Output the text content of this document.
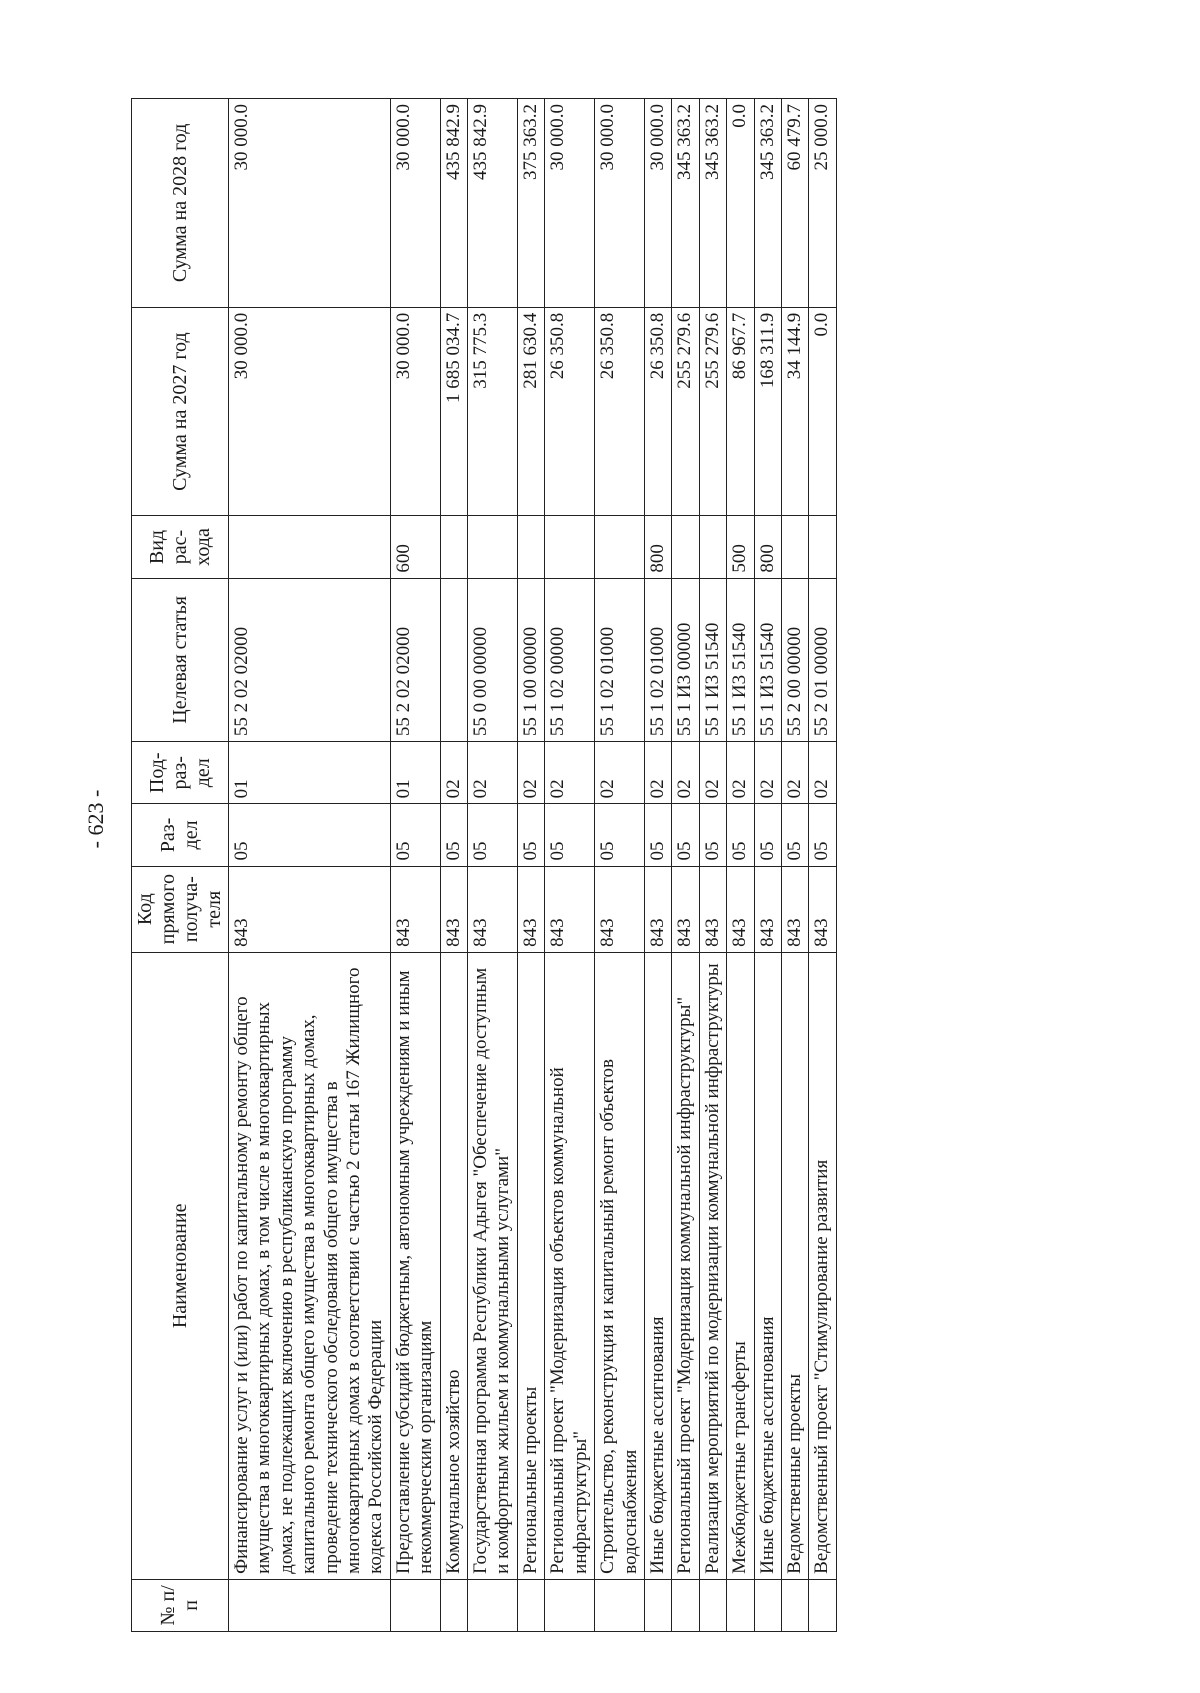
- 623 -
№ п/п	Наименование	Код прямого получа-теля	Раз-дел	Под-раз-дел	Целевая статья	Вид рас-хода	Сумма на 2027 год	Сумма на 2028 год
	Финансирование услуг и (или) работ по капитальному ремонту общего имущества в многоквартирных домах, в том числе в многоквартирных домах, не подлежащих включению в республиканскую программу капитального ремонта общего имущества в многоквартирных домах, проведение технического обследования общего имущества в многоквартирных домах в соответствии с частью 2 статьи 167 Жилищного кодекса Российской Федерации	843	05	01	55 2 02 02000		30 000.0	30 000.0
	Предоставление субсидий бюджетным, автономным учреждениям и иным некоммерческим организациям	843	05	01	55 2 02 02000	600	30 000.0	30 000.0
	Коммунальное хозяйство	843	05	02			1 685 034.7	435 842.9
	Государственная программа Республики Адыгея "Обеспечение доступным и комфортным жильем и коммунальными услугами"	843	05	02	55 0 00 00000		315 775.3	435 842.9
	Региональные проекты	843	05	02	55 1 00 00000		281 630.4	375 363.2
	Региональный проект "Модернизация объектов коммунальной инфраструктуры"	843	05	02	55 1 02 00000		26 350.8	30 000.0
	Строительство, реконструкция и капитальный ремонт объектов водоснабжения	843	05	02	55 1 02 01000		26 350.8	30 000.0
	Иные бюджетные ассигнования	843	05	02	55 1 02 01000	800	26 350.8	30 000.0
	Региональный проект "Модернизация коммунальной инфраструктуры"	843	05	02	55 1 И3 00000		255 279.6	345 363.2
	Реализация мероприятий по модернизации коммунальной инфраструктуры	843	05	02	55 1 И3 51540		255 279.6	345 363.2
	Межбюджетные трансферты	843	05	02	55 1 И3 51540	500	86 967.7	0.0
	Иные бюджетные ассигнования	843	05	02	55 1 И3 51540	800	168 311.9	345 363.2
	Ведомственные проекты	843	05	02	55 2 00 00000		34 144.9	60 479.7
	Ведомственный проект "Стимулирование развития	843	05	02	55 2 01 00000		0.0	25 000.0
